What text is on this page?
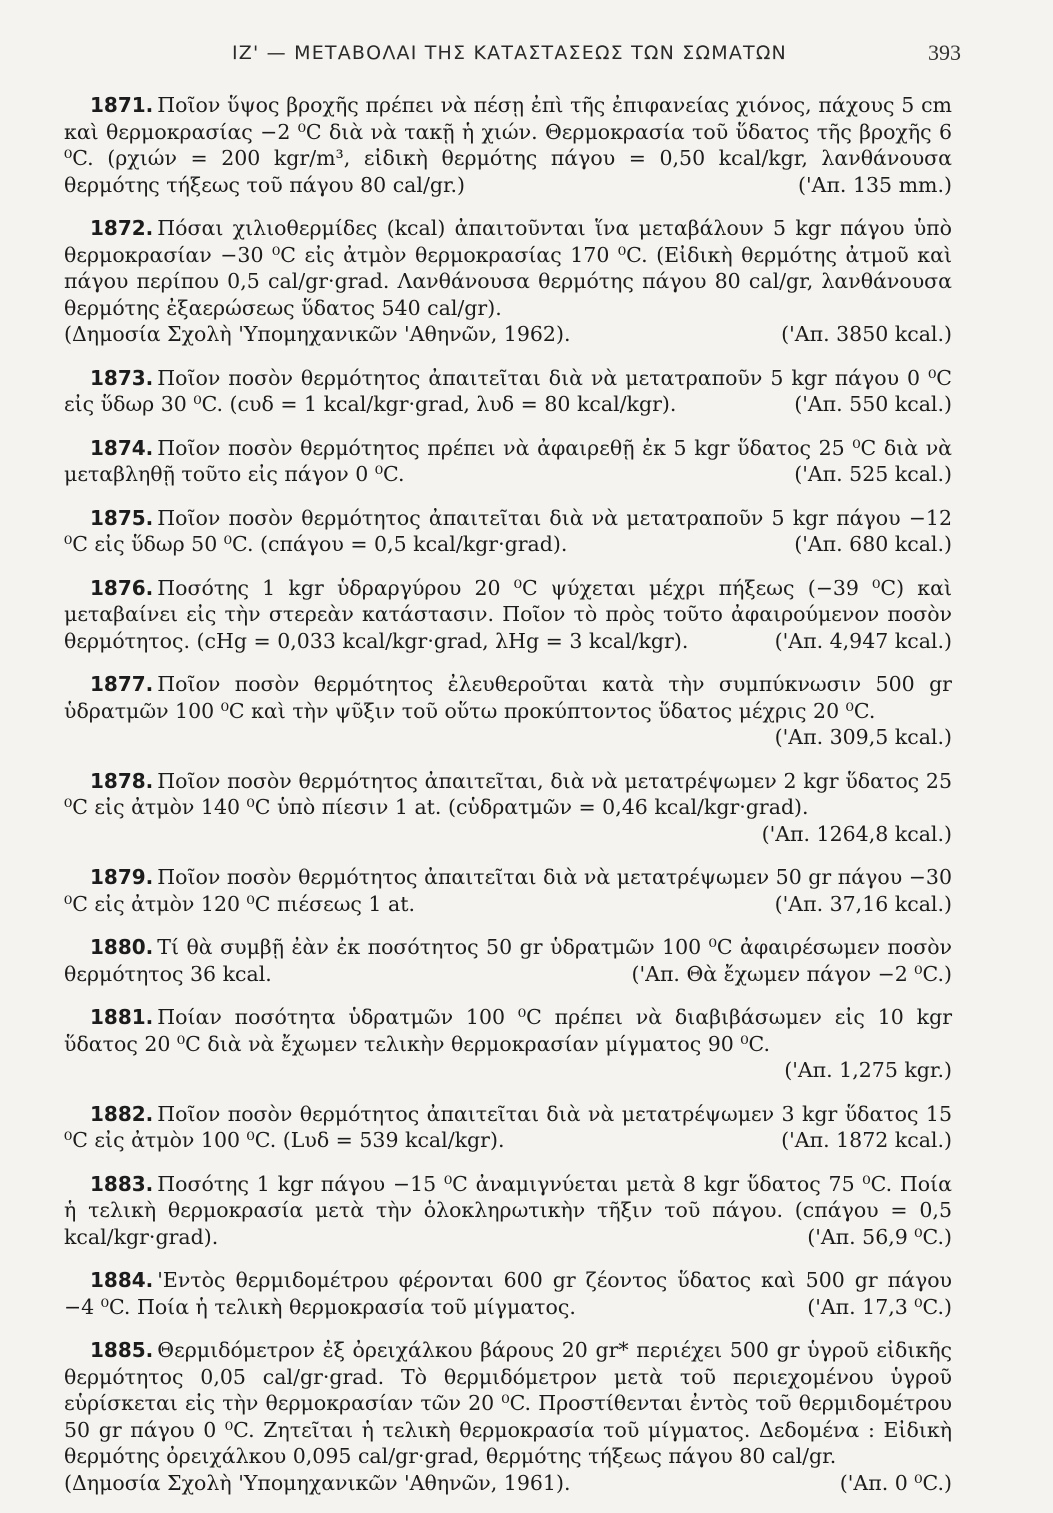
ΙΖ' — ΜΕΤΑΒΟΛΑΙ ΤΗΣ ΚΑΤΑΣΤΑΣΕΩΣ ΤΩΝ ΣΩΜΑΤΩΝ	393
1871. Ποῖον ὕψος βροχῆς πρέπει νὰ πέσῃ ἐπὶ τῆς ἐπιφανείας χιόνος, πάχους 5 cm καὶ θερμοκρασίας −2 ⁰C διὰ νὰ τακῇ ἡ χιών. Θερμοκρασία τοῦ ὕδατος τῆς βροχῆς 6 ⁰C. (ρχιών = 200 kgr/m³, εἰδικὴ θερμότης πάγου = 0,50 kcal/kgr, λανθάνουσα θερμότης τήξεως τοῦ πάγου 80 cal/gr.)	('Απ. 135 mm.)
1872. Πόσαι χιλιοθερμίδες (kcal) ἀπαιτοῦνται ἵνα μεταβάλουν 5 kgr πάγου ὑπὸ θερμοκρασίαν −30 ⁰C εἰς ἀτμὸν θερμοκρασίας 170 ⁰C. (Εἰδικὴ θερμότης ἀτμοῦ καὶ πάγου περίπου 0,5 cal/gr·grad. Λανθάνουσα θερμότης πάγου 80 cal/gr, λανθάνουσα θερμότης ἐξαερώσεως ὕδατος 540 cal/gr).
('Απ. 3850 kcal.)
(Δημοσία Σχολὴ 'Υπομηχανικῶν 'Αθηνῶν, 1962).
1873. Ποῖον ποσὸν θερμότητος ἀπαιτεῖται διὰ νὰ μετατραποῦν 5 kgr πάγου 0 ⁰C εἰς ὕδωρ 30 ⁰C. (cυδ = 1 kcal/kgr·grad, λυδ = 80 kcal/kgr).	('Απ. 550 kcal.)
1874. Ποῖον ποσὸν θερμότητος πρέπει νὰ ἀφαιρεθῇ ἐκ 5 kgr ὕδατος 25 ⁰C διὰ νὰ μεταβληθῇ τοῦτο εἰς πάγον 0 ⁰C.	('Απ. 525 kcal.)
1875. Ποῖον ποσὸν θερμότητος ἀπαιτεῖται διὰ νὰ μετατραποῦν 5 kgr πάγου −12 ⁰C εἰς ὕδωρ 50 ⁰C. (cπάγου = 0,5 kcal/kgr·grad).	('Απ. 680 kcal.)
1876. Ποσότης 1 kgr ὑδραργύρου 20 ⁰C ψύχεται μέχρι πήξεως (−39 ⁰C) καὶ μεταβαίνει εἰς τὴν στερεὰν κατάστασιν. Ποῖον τὸ πρὸς τοῦτο ἀφαιρούμενον ποσὸν θερμότητος. (cHg = 0,033 kcal/kgr·grad, λHg = 3 kcal/kgr).	('Απ. 4,947 kcal.)
1877. Ποῖον ποσὸν θερμότητος ἐλευθεροῦται κατὰ τὴν συμπύκνωσιν 500 gr ὑδρατμῶν 100 ⁰C καὶ τὴν ψῦξιν τοῦ οὕτω προκύπτοντος ὕδατος μέχρις 20 ⁰C.
('Απ. 309,5 kcal.)
1878. Ποῖον ποσὸν θερμότητος ἀπαιτεῖται, διὰ νὰ μετατρέψωμεν 2 kgr ὕδατος 25 ⁰C εἰς ἀτμὸν 140 ⁰C ὑπὸ πίεσιν 1 at. (cὑδρατμῶν = 0,46 kcal/kgr·grad).
('Απ. 1264,8 kcal.)
1879. Ποῖον ποσὸν θερμότητος ἀπαιτεῖται διὰ νὰ μετατρέψωμεν 50 gr πάγου −30 ⁰C εἰς ἀτμὸν 120 ⁰C πιέσεως 1 at.	('Απ. 37,16 kcal.)
1880. Τί θὰ συμβῇ ἐὰν ἐκ ποσότητος 50 gr ὑδρατμῶν 100 ⁰C ἀφαιρέσωμεν ποσὸν θερμότητος 36 kcal.	('Απ. Θὰ ἔχωμεν πάγον −2 ⁰C.)
1881. Ποίαν ποσότητα ὑδρατμῶν 100 ⁰C πρέπει νὰ διαβιβάσωμεν εἰς 10 kgr ὕδατος 20 ⁰C διὰ νὰ ἔχωμεν τελικὴν θερμοκρασίαν μίγματος 90 ⁰C.
('Απ. 1,275 kgr.)
1882. Ποῖον ποσὸν θερμότητος ἀπαιτεῖται διὰ νὰ μετατρέψωμεν 3 kgr ὕδατος 15 ⁰C εἰς ἀτμὸν 100 ⁰C. (Lυδ = 539 kcal/kgr).	('Απ. 1872 kcal.)
1883. Ποσότης 1 kgr πάγου −15 ⁰C ἀναμιγνύεται μετὰ 8 kgr ὕδατος 75 ⁰C. Ποία ἡ τελικὴ θερμοκρασία μετὰ τὴν ὁλοκληρωτικὴν τῆξιν τοῦ πάγου. (cπάγου = 0,5 kcal/kgr·grad).	('Απ. 56,9 ⁰C.)
1884. 'Εντὸς θερμιδομέτρου φέρονται 600 gr ζέοντος ὕδατος καὶ 500 gr πάγου −4 ⁰C. Ποία ἡ τελικὴ θερμοκρασία τοῦ μίγματος.	('Απ. 17,3 ⁰C.)
1885. Θερμιδόμετρον ἐξ ὀρειχάλκου βάρους 20 gr* περιέχει 500 gr ὑγροῦ εἰδικῆς θερμότητος 0,05 cal/gr·grad. Τὸ θερμιδόμετρον μετὰ τοῦ περιεχομένου ὑγροῦ εὑρίσκεται εἰς τὴν θερμοκρασίαν τῶν 20 ⁰C. Προστίθενται ἐντὸς τοῦ θερμιδομέτρου 50 gr πάγου 0 ⁰C. Ζητεῖται ἡ τελικὴ θερμοκρασία τοῦ μίγματος. Δεδομένα : Εἰδικὴ θερμότης ὀρειχάλκου 0,095 cal/gr·grad, θερμότης τήξεως πάγου 80 cal/gr.
('Απ. 0 ⁰C.)
(Δημοσία Σχολὴ 'Υπομηχανικῶν 'Αθηνῶν, 1961).
